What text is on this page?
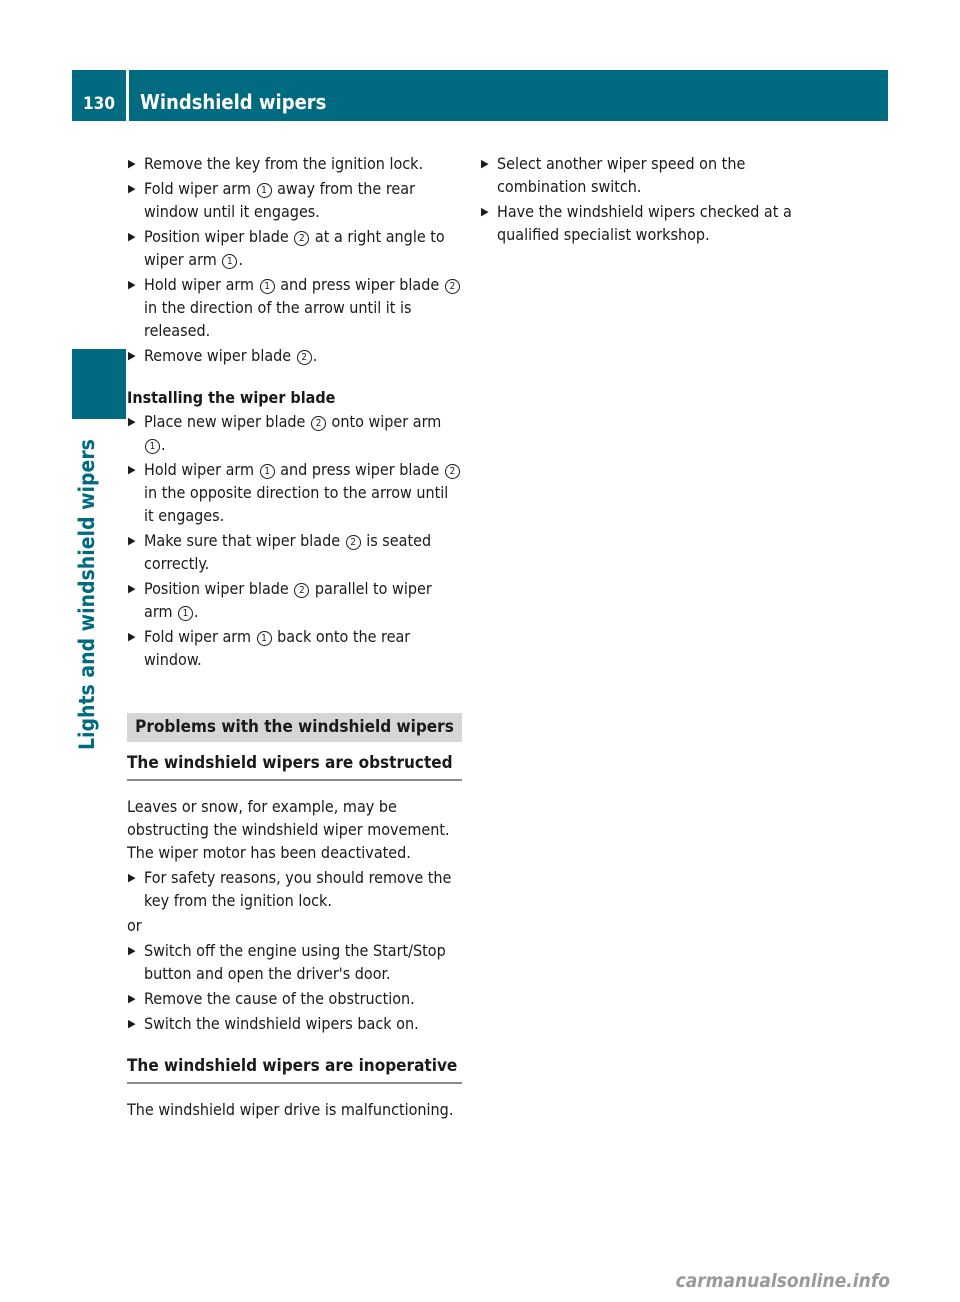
130	Windshield wipers
Lights and windshield wipers
▶ Remove the key from the ignition lock.
▶ Fold wiper arm 1 away from the rear window until it engages.
▶ Position wiper blade 2 at a right angle to wiper arm 1 .
▶ Hold wiper arm 1 and press wiper blade 2 in the direction of the arrow until it is released.
▶ Remove wiper blade 2 .
Installing the wiper blade
▶ Place new wiper blade 2 onto wiper arm 1 .
▶ Hold wiper arm 1 and press wiper blade 2 in the opposite direction to the arrow until it engages.
▶ Make sure that wiper blade 2 is seated correctly.
▶ Position wiper blade 2 parallel to wiper arm 1 .
▶ Fold wiper arm 1 back onto the rear window.
Problems with the windshield wipers
The windshield wipers are obstructed
Leaves or snow, for example, may be obstructing the windshield wiper movement. The wiper motor has been deactivated.
▶ For safety reasons, you should remove the key from the ignition lock.
or
▶ Switch off the engine using the Start/Stop button and open the driver's door.
▶ Remove the cause of the obstruction.
▶ Switch the windshield wipers back on.
The windshield wipers are inoperative
The windshield wiper drive is malfunctioning.
▶ Select another wiper speed on the combination switch.
▶ Have the windshield wipers checked at a qualified specialist workshop.
carmanualsonline.info
